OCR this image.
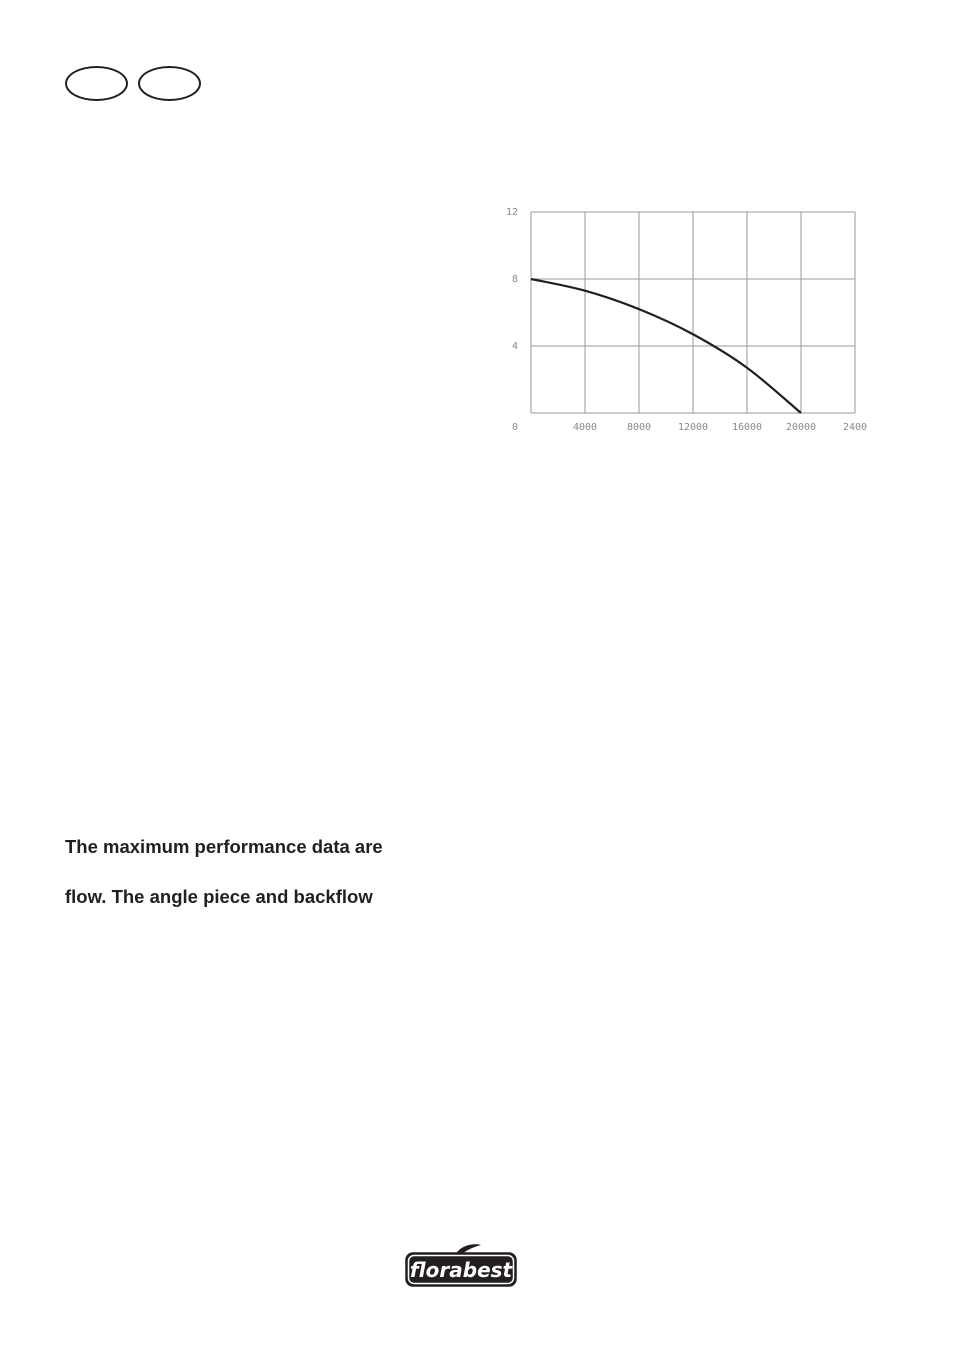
0	4000	8000	12000 16000 20000	2400
12
8
4
The maximum performance data are
flow. The angle piece and backflow
florabest
